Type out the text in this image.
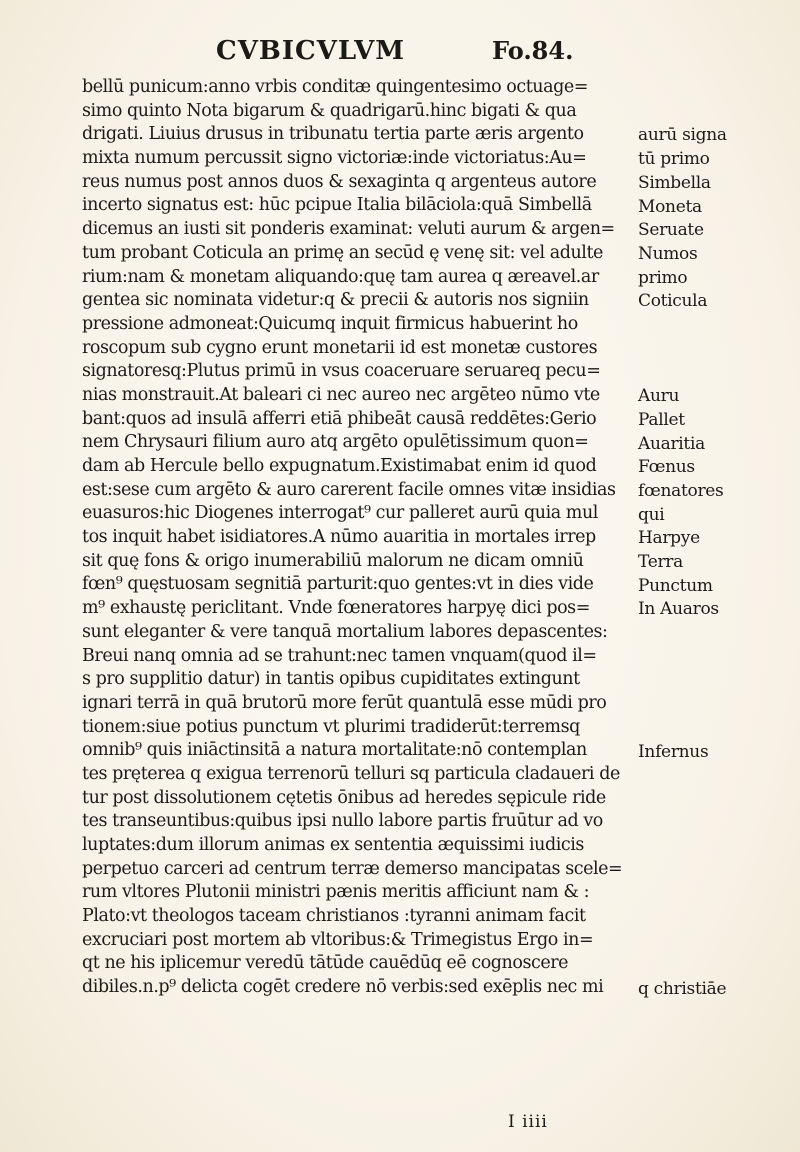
CVBICVLVM	Fo.84.
bellū punicum:anno vrbis conditæ quingentesimo octuage=
simo quinto Nota bigarum & quadrigarū.hinc bigati & qua
drigati. Liuius drusus in tribunatu tertia parte æris argento
mixta numum percussit signo victoriæ:inde victoriatus:Au=
reus numus post annos duos & sexaginta q argenteus autore
incerto signatus est: hūc pcipue Italia bilāciola:quā Simbellā
dicemus an iusti sit ponderis examinat: veluti aurum & argen=
tum probant Coticula an primę an secūd ę venę sit: vel adulte
rium:nam & monetam aliquando:quę tam aurea q æreavel.ar
gentea sic nominata videtur:q & precii & autoris nos signiin
pressione admoneat:Quicumq inquit firmicus habuerint ho
roscopum sub cygno erunt monetarii id est monetæ custores
signatoresq:Plutus primū in vsus coaceruare seruareq pecu=
nias monstrauit.At baleari ci nec aureo nec argēteo nūmo vte
bant:quos ad insulā afferri etiā phibeāt causā reddētes:Gerio
nem Chrysauri filium auro atq argēto opulētissimum quon=
dam ab Hercule bello expugnatum.Existimabat enim id quod
est:sese cum argēto & auro carerent facile omnes vitæ insidias
euasuros:hic Diogenes interrogat⁹ cur palleret aurū quia mul
tos inquit habet isidiatores.A nūmo auaritia in mortales irrep
sit quę fons & origo inumerabiliū malorum ne dicam omniū
fœn⁹ quęstuosam segnitiā parturit:quo gentes:vt in dies vide
m⁹ exhaustę periclitant. Vnde fœneratores harpyę dici pos=
sunt eleganter & vere tanquā mortalium labores depascentes:
Breui nanq omnia ad se trahunt:nec tamen vnquam(quod il=
s pro supplitio datur) in tantis opibus cupiditates extingunt
ignari terrā in quā brutorū more ferūt quantulā esse mūdi pro
tionem:siue potius punctum vt plurimi tradiderūt:terremsq
omnib⁹ quis iniāctinsitā a natura mortalitate:nō contemplan
tes pręterea q exigua terrenorū telluri sq particula cladaueri de
tur post dissolutionem cętetis ōnibus ad heredes sępicule ride
tes transeuntibus:quibus ipsi nullo labore partis fruūtur ad vo
luptates:dum illorum animas ex sententia æquissimi iudicis
perpetuo carceri ad centrum terræ demerso mancipatas scele=
rum vltores Plutonii ministri pænis meritis afficiunt nam & :
Plato:vt theologos taceam christianos :tyranni animam facit
excruciari post mortem ab vltoribus:& Trimegistus Ergo in=
qt ne his iplicemur veredū tātūde cauēdūq eē cognoscere
dibiles.n.p⁹ delicta cogēt credere nō verbis:sed exēplis nec mi
aurū signa
tū primo
Simbella
Moneta
Seruate
Numos
primo
Coticula
Auru
Pallet
Auaritia
Fœnus
fœnatores
qui
Harpye
Terra
Punctum
In Auaros
Infernus
q christiāe
I iiii
